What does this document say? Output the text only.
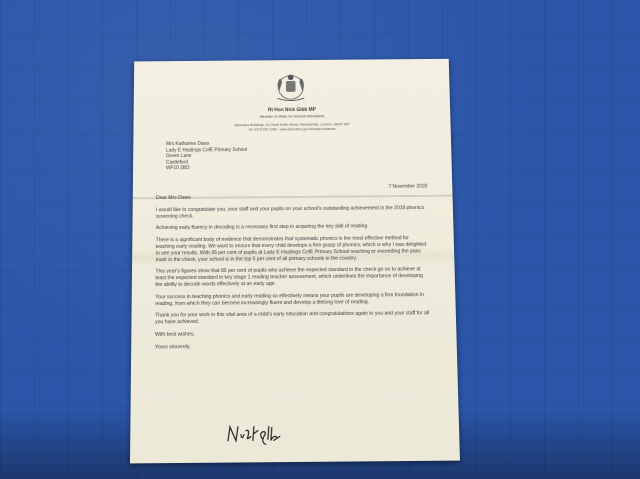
Rt Hon Nick Gibb MP
Minister of State for School Standards
Sanctuary Buildings, 20 Great Smith Street, Westminster, London, SW1P 3BT
tel: 0370 000 2288 · www.education.gov.uk/help/contactus
Mrs Katharine Daws
Lady E Hastings CofE Primary School
Green Lane
Castleford
WF10 2BD
7 November 2018

Dear Mrs Daws

I would like to congratulate you, your staff and your pupils on your school's outstanding achievement in the 2018 phonics screening check.

Achieving early fluency in decoding is a necessary first step in acquiring the key skill of reading.

There is a significant body of evidence that demonstrates that systematic phonics is the most effective method for teaching early reading. We want to ensure that every child develops a firm grasp of phonics, which is why I was delighted to see your results. With 95 per cent of pupils at Lady E Hastings CofE Primary School reaching or exceeding the pass mark in the check, your school is in the top 5 per cent of all primary schools in the country.

This year's figures show that 85 per cent of pupils who achieve the expected standard in the check go on to achieve at least the expected standard in key stage 1 reading teacher assessment, which underlines the importance of developing the ability to decode words effectively at an early age.

Your success in teaching phonics and early reading so effectively means your pupils are developing a firm foundation in reading, from which they can become increasingly fluent and develop a lifelong love of reading.

Thank you for your work in this vital area of a child's early education and congratulations again to you and your staff for all you have achieved.

With best wishes,

Yours sincerely,
